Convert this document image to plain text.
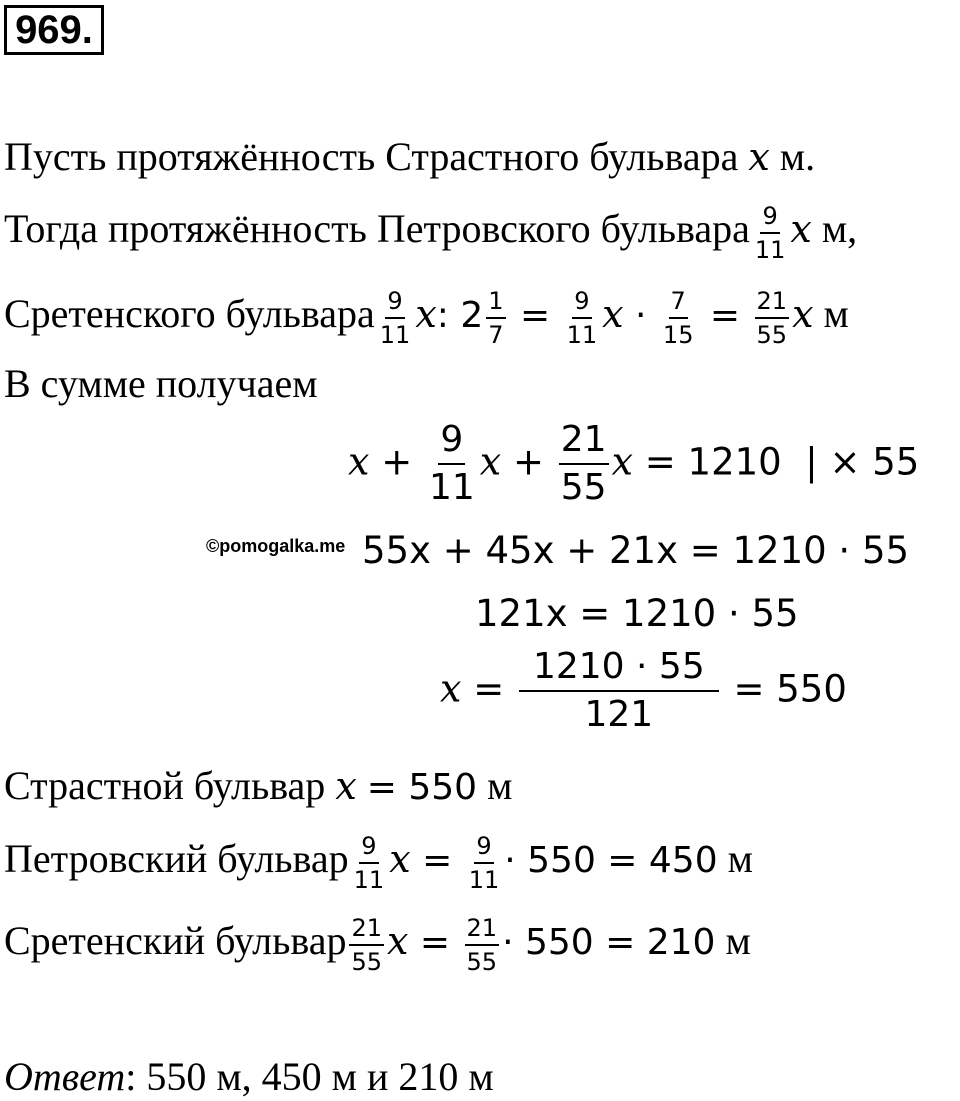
969.
Пусть протяжённость Страстного бульвара x м.
Тогда протяжённость Петровского бульвара $\frac{9}{11}$ x м,
Сретенского бульвара $\frac{9}{11} x$: $2 \frac{1}{7} = \frac{9}{11}$ $x \cdot \frac{7}{15} = \frac{21}{55}$ x м
В сумме получаем
$x + \frac{9}{11}$ $x + \frac{21}{55}$ x = 1210  | × 55
©pomogalka.me 55x + 45x + 21x = 1210 · 55
121x = 1210 · 55
$x = \frac{1210 \cdot 55}{121} = 550$
Страстной бульвар x = 550 м
Петровский бульвар $\frac{9}{11}$ $x = \frac{9}{11} \cdot 550 = 450$ м
Сретенский бульвар $\frac{21}{55}$ $x = \frac{21}{55} \cdot 550 = 210$ м
Ответ: 550 м, 450 м и 210 м
